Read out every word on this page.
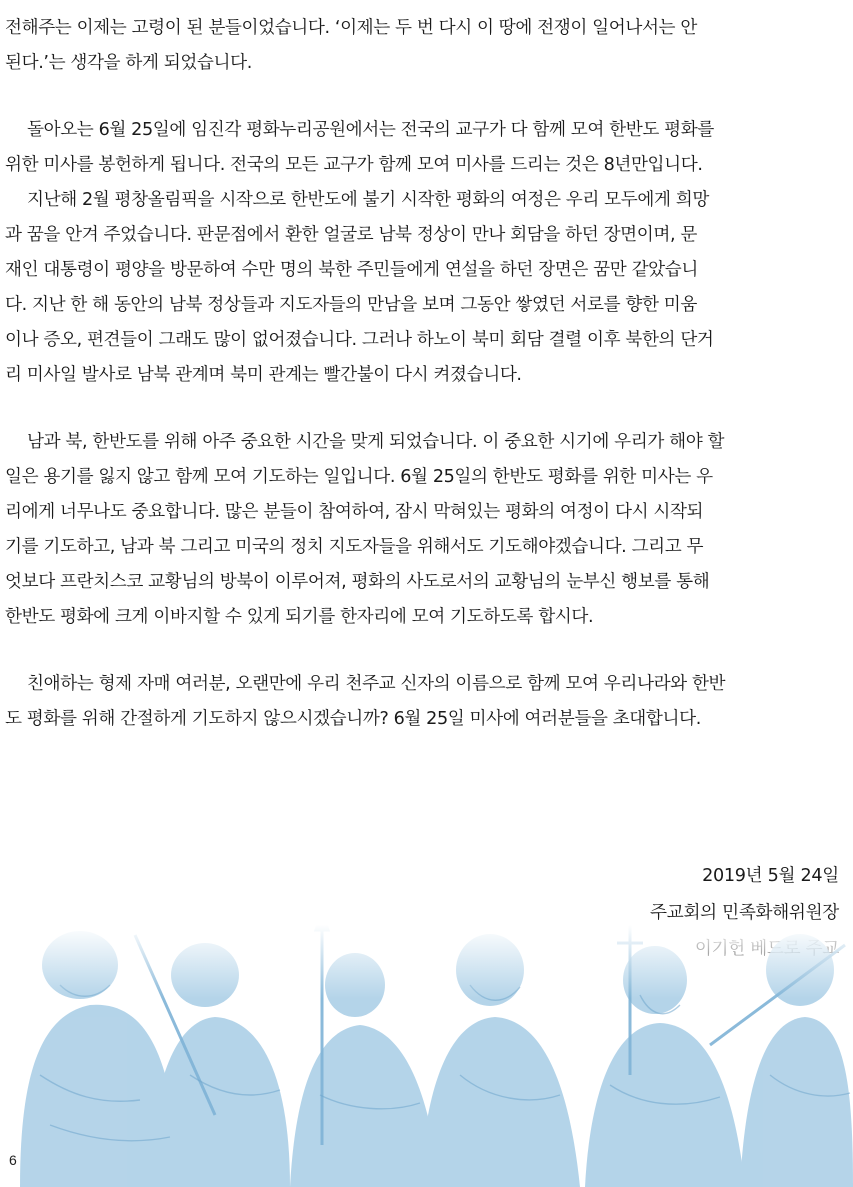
전해주는 이제는 고령이 된 분들이었습니다. ‘이제는 두 번 다시 이 땅에 전쟁이 일어나서는 안
된다.’는 생각을 하게 되었습니다.
돌아오는 6월 25일에 임진각 평화누리공원에서는 전국의 교구가 다 함께 모여 한반도 평화를
위한 미사를 봉헌하게 됩니다. 전국의 모든 교구가 함께 모여 미사를 드리는 것은 8년만입니다.
지난해 2월 평창올림픽을 시작으로 한반도에 불기 시작한 평화의 여정은 우리 모두에게 희망
과 꿈을 안겨 주었습니다. 판문점에서 환한 얼굴로 남북 정상이 만나 회담을 하던 장면이며, 문
재인 대통령이 평양을 방문하여 수만 명의 북한 주민들에게 연설을 하던 장면은 꿈만 같았습니
다. 지난 한 해 동안의 남북 정상들과 지도자들의 만남을 보며 그동안 쌓였던 서로를 향한 미움
이나 증오, 편견들이 그래도 많이 없어졌습니다. 그러나 하노이 북미 회담 결렬 이후 북한의 단거
리 미사일 발사로 남북 관계며 북미 관계는 빨간불이 다시 켜졌습니다.
남과 북, 한반도를 위해 아주 중요한 시간을 맞게 되었습니다. 이 중요한 시기에 우리가 해야 할
일은 용기를 잃지 않고 함께 모여 기도하는 일입니다. 6월 25일의 한반도 평화를 위한 미사는 우
리에게 너무나도 중요합니다. 많은 분들이 참여하여, 잠시 막혀있는 평화의 여정이 다시 시작되
기를 기도하고, 남과 북 그리고 미국의 정치 지도자들을 위해서도 기도해야겠습니다. 그리고 무
엇보다 프란치스코 교황님의 방북이 이루어져, 평화의 사도로서의 교황님의 눈부신 행보를 통해
한반도 평화에 크게 이바지할 수 있게 되기를 한자리에 모여 기도하도록 합시다.
친애하는 형제 자매 여러분, 오랜만에 우리 천주교 신자의 이름으로 함께 모여 우리나라와 한반
도 평화를 위해 간절하게 기도하지 않으시겠습니까? 6월 25일 미사에 여러분들을 초대합니다.
2019년 5월 24일
주교회의 민족화해위원장
6
